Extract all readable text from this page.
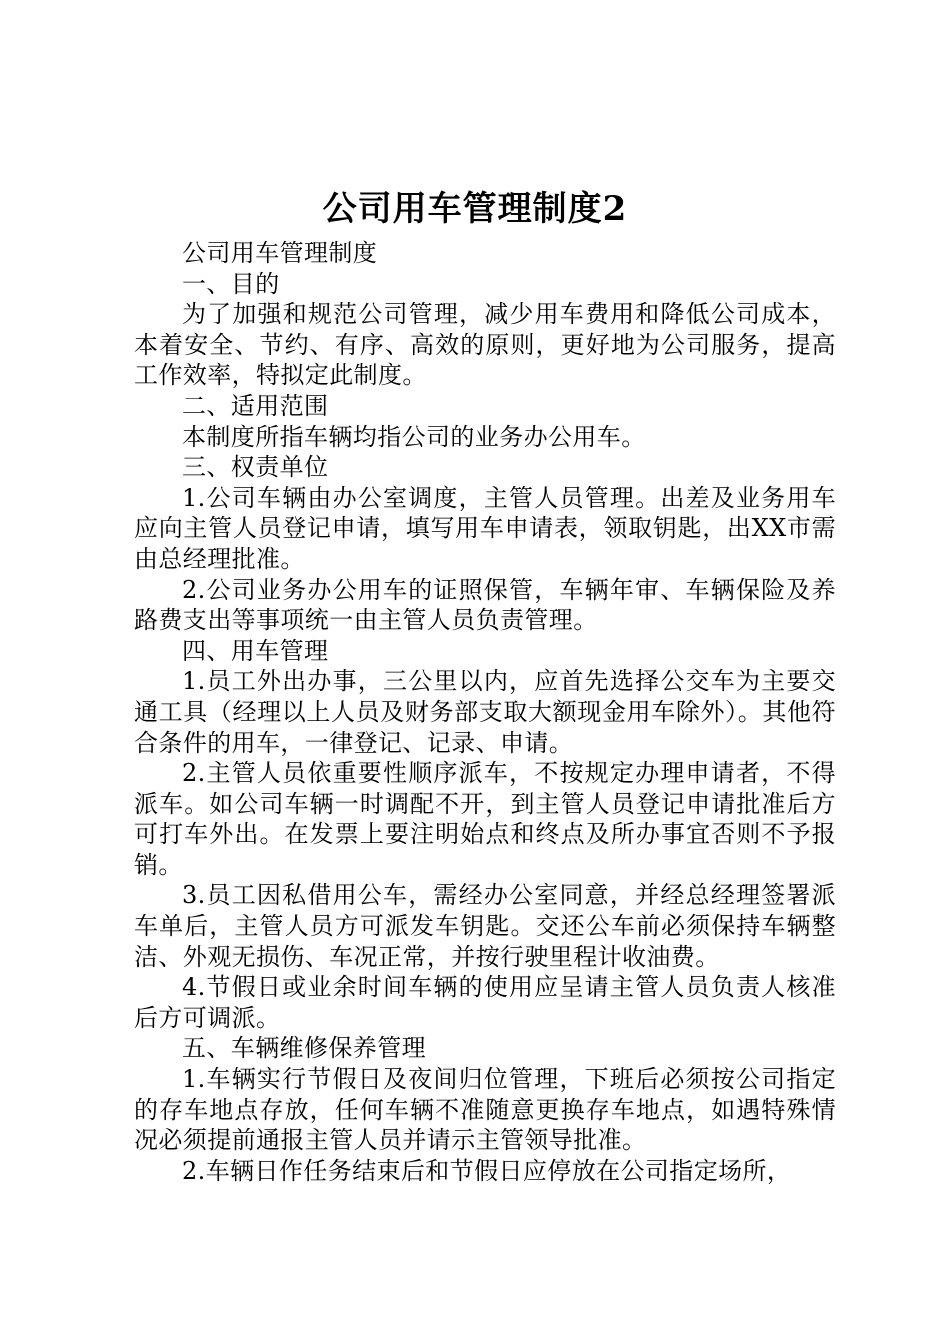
公司用车管理制度2

公司用车管理制度

一、目的

为了加强和规范公司管理，减少用车费用和降低公司成本，本着安全、节约、有序、高效的原则，更好地为公司服务，提高工作效率，特拟定此制度。

二、适用范围

本制度所指车辆均指公司的业务办公用车。

三、权责单位

1.公司车辆由办公室调度，主管人员管理。出差及业务用车应向主管人员登记申请，填写用车申请表，领取钥匙，出XX市需由总经理批准。

2.公司业务办公用车的证照保管，车辆年审、车辆保险及养路费支出等事项统一由主管人员负责管理。

四、用车管理

1.员工外出办事，三公里以内，应首先选择公交车为主要交通工具（经理以上人员及财务部支取大额现金用车除外）。其他符合条件的用车，一律登记、记录、申请。

2.主管人员依重要性顺序派车，不按规定办理申请者，不得派车。如公司车辆一时调配不开，到主管人员登记申请批准后方可打车外出。在发票上要注明始点和终点及所办事宜否则不予报销。

3.员工因私借用公车，需经办公室同意，并经总经理签署派车单后，主管人员方可派发车钥匙。交还公车前必须保持车辆整洁、外观无损伤、车况正常，并按行驶里程计收油费。

4.节假日或业余时间车辆的使用应呈请主管人员负责人核准后方可调派。

五、车辆维修保养管理

1.车辆实行节假日及夜间归位管理，下班后必须按公司指定的存车地点存放，任何车辆不准随意更换存车地点，如遇特殊情况必须提前通报主管人员并请示主管领导批准。

2.车辆日作任务结束后和节假日应停放在公司指定场所，
